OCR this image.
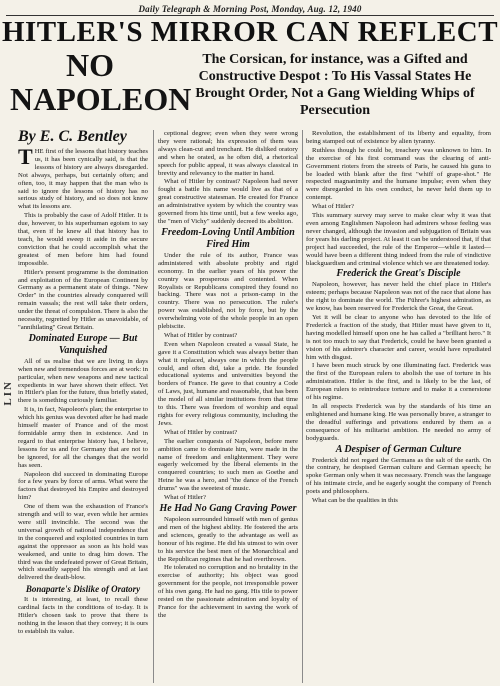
Daily Telegraph & Morning Post, Monday, Aug. 12, 1940
HITLER'S MIRROR CAN REFLECT
NO NAPOLEON
The Corsican, for instance, was a Gifted and Constructive Despot : To His Vassal States He Brought Order, Not a Gang Wielding Whips of Persecution
By E. C. Bentley
LIN

THE first of the lessons that history teaches us, it has been cynically said, is that the lessons of history are always disregarded. Not always, perhaps, but certainly often; and often, too, it may happen that the man who is said to ignore the lessons of history has no serious study of history, and so does not know what its lessons are.

This is probably the case of Adolf Hitler. It is due, however, to his superhuman egoism to say that, even if he knew all that history has to teach, he would sweep it aside in the secure conviction that he could accomplish what the greatest of men before him had found impossible.

Hitler's present programme is the domination and exploitation of the European Continent by Germany as a permanent state of things. "New Order" in the countries already conquered will remain vassals; the rest will take their orders, under the threat of compulsion. There is also the necessity, regretted by Hitler as unavoidable, of "annihilating" Great Britain.

Dominated Europe — But Vanquished

All of us realise that we are living in days when new and tremendous forces are at work: in particular, when new weapons and new tactical expedients in war have shown their effect. Yet in Hitler's plan for the future, thus briefly stated, there is something curiously familiar.

It is, in fact, Napoleon's plan; the enterprise to which his genius was devoted after he had made himself master of France and of the most formidable army then in existence. And in regard to that enterprise history has, I believe, lessons for us and for Germany that are not to be ignored, for all the changes that the world has seen.

Napoleon did succeed in dominating Europe for a few years by force of arms. What were the factors that destroyed his Empire and destroyed him?

One of them was the exhaustion of France's strength and will to war, even while her armies were still invincible. The second was the universal growth of national independence that in the conquered and exploited countries in turn against the oppressor as soon as his hold was weakened, and unite to drag him down. The third was the undefeated power of Great Britain, which steadily sapped his strength and at last delivered the death-blow.

Bonaparte's Dislike of Oratory

It is interesting, at least, to recall these cardinal facts in the conditions of to-day. It is Hitler's chosen task to prove that there is nothing in the lesson that they convey; it is ours to establish its value.

ceptional degree; even when they were wrong they were rational; his expression of them was always clean-cut and trenchant. He disliked oratory and when he orated, as he often did, a rhetorical speech for public appeal, it was always classical in brevity and relevancy to the matter in hand.

What of Hitler by contrast? Napoleon had never fought a battle his name would live as that of a great constructive statesman. He created for France an administrative system by which the country was governed from his time until, but a few weeks ago, the "men of Vichy" suddenly decreed its abolition.

Freedom-Loving Until Ambition Fired Him

Under the rule of its author, France was administered with absolute probity and rigid economy. In the earlier years of his power the country was prosperous and contented. When Royalists or Republicans conspired they found no backing. There was not a prison-camp in the country. There was no persecution. The ruler's power was established, not by force, but by the overwhelming vote of the whole people in an open plebiscite.

What of Hitler by contrast?

Even when Napoleon created a vassal State, he gave it a Constitution which was always better than what it replaced, always one in which the people could, and often did, take a pride. He founded educational systems and universities beyond the borders of France. He gave to that country a Code of Laws, just, humane and reasonable, that has been the model of all similar institutions from that time to this. There was freedom of worship and equal rights for every religious community, including the Jews.

What of Hitler by contrast?

The earlier conquests of Napoleon, before mere ambition came to dominate him, were made in the name of freedom and enlightenment. They were eagerly welcomed by the liberal elements in the conquered countries; to such men as Goethe and Heine he was a hero, and "the dance of the French drums" was the sweetest of music.

What of Hitler?

He Had No Gang Craving Power

Napoleon surrounded himself with men of genius and men of the highest ability. He fostered the arts and sciences, greatly to the advantage as well as honour of his regime. He did his utmost to win over to his service the best men of the Monarchical and the Republican regimes that he had overthrown.

He tolerated no corruption and no brutality in the exercise of authority; his object was good government for the people, not irresponsible power of his own gang. He had no gang. His title to power rested on the passionate admiration and loyalty of France for the achievement in saving the work of the

Revolution, the establishment of its liberty and equality, from being stamped out of existence by alien tyranny.

Ruthless though he could be, treachery was unknown to him. In the exercise of his first command was the clearing of anti-Government rioters from the streets of Paris, he caused his guns to be loaded with blank after the first "whiff of grape-shot." He respected magnanimity and the humane impulse; even when they were disregarded in his own conduct, he never held them up to contempt.

What of Hitler?

This summary survey may serve to make clear why it was that even among Englishmen Napoleon had admirers whose feeling was never changed, although the invasion and subjugation of Britain was for years his darling project. At least it can be understood that, if that project had succeeded, the rule of the Emperor—while it lasted—would have been a different thing indeed from the rule of vindictive blackguardism and criminal violence which we are threatened today.

Frederick the Great's Disciple

Napoleon, however, has never held the chief place in Hitler's esteem; perhaps because Napoleon was not of the race that alone has the right to dominate the world. The Führer's highest admiration, as we know, has been reserved for Frederick the Great, the Great.

Yet it will be clear to anyone who has devoted to the life of Frederick a fraction of the study, that Hitler must have given to it, having modelled himself upon one he has called a "brilliant hero." It is not too much to say that Frederick, could he have been granted a vision of his admirer's character and career, would have repudiated him with disgust.

I have been much struck by one illuminating fact. Frederick was the first of the European rulers to abolish the use of torture in his administration. Hitler is the first, and is likely to be the last, of European rulers to reintroduce torture and to make it a cornerstone of his regime.

In all respects Frederick was by the standards of his time an enlightened and humane king. He was personally brave, a stranger to the dreadful sufferings and privations endured by them as a consequence of his militarist ambition. He needed no army of bodyguards.

A Despiser of German Culture

Frederick did not regard the Germans as the salt of the earth. On the contrary, he despised German culture and German speech; he spoke German only when it was necessary. French was the language of his intimate circle, and he eagerly sought the company of French poets and philosophers.

What can be the qualities in this
